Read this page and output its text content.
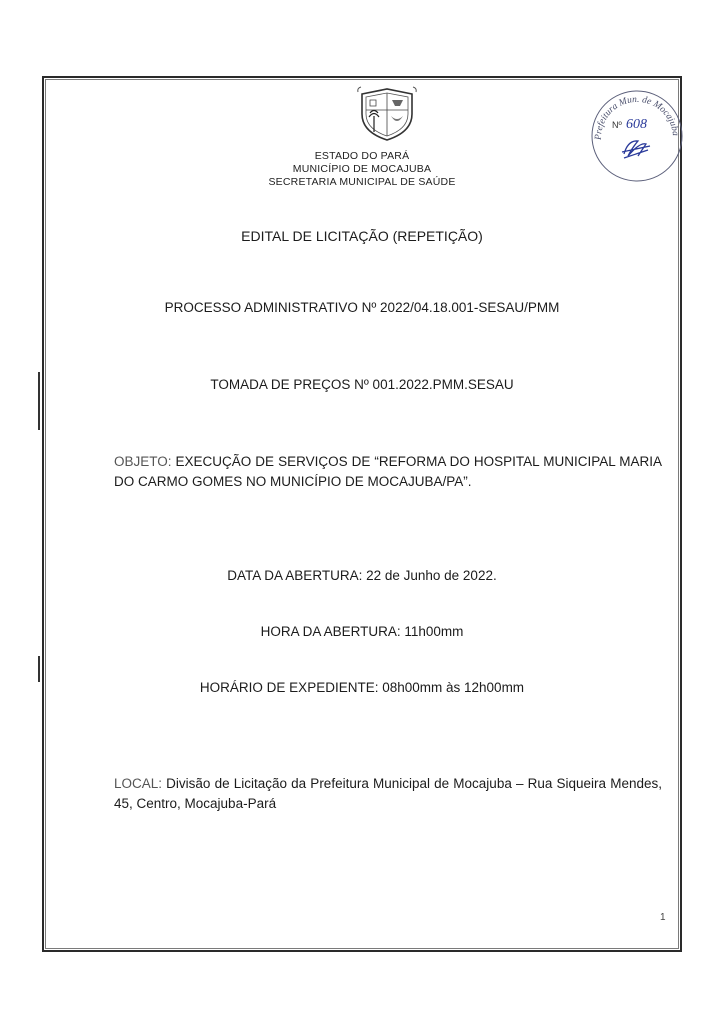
ESTADO DO PARÁ
MUNICÍPIO DE MOCAJUBA
SECRETARIA MUNICIPAL DE SAÚDE
Prefeitura Mun. de Mocajuba
Nº 608
EDITAL DE LICITAÇÃO (REPETIÇÃO)
PROCESSO ADMINISTRATIVO Nº 2022/04.18.001-SESAU/PMM
TOMADA DE PREÇOS Nº 001.2022.PMM.SESAU
OBJETO: EXECUÇÃO DE SERVIÇOS DE “REFORMA DO HOSPITAL MUNICIPAL MARIA DO CARMO GOMES NO MUNICÍPIO DE MOCAJUBA/PA”.
DATA DA ABERTURA: 22 de Junho de 2022.
HORA DA ABERTURA: 11h00mm
HORÁRIO DE EXPEDIENTE: 08h00mm às 12h00mm
LOCAL: Divisão de Licitação da Prefeitura Municipal de Mocajuba – Rua Siqueira Mendes, 45, Centro, Mocajuba-Pará
1
